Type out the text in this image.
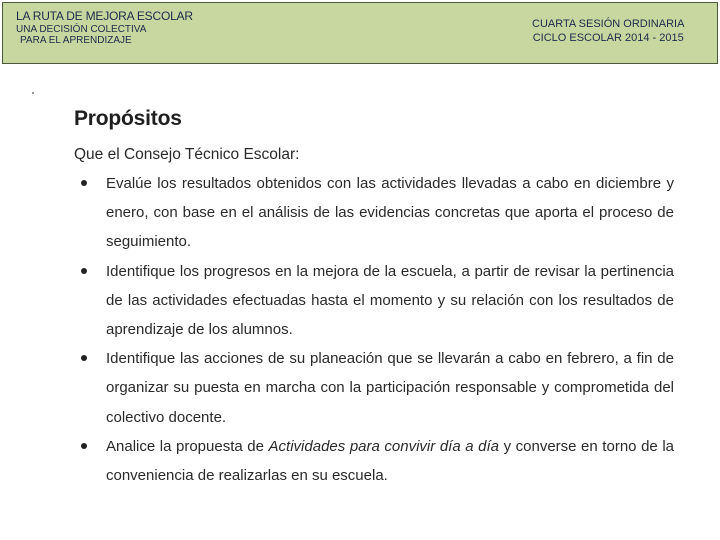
LA RUTA DE MEJORA ESCOLAR
UNA DECISIÓN COLECTIVA
PARA EL APRENDIZAJE
CUARTA SESIÓN ORDINARIA
CICLO ESCOLAR 2014 - 2015
Propósitos
Que el Consejo Técnico Escolar:
Evalúe los resultados obtenidos con las actividades llevadas a cabo en diciembre y enero, con base en el análisis de las evidencias concretas que aporta el proceso de seguimiento.
Identifique los progresos en la mejora de la escuela, a partir de revisar la pertinencia de las actividades efectuadas hasta el momento y su relación con los resultados de aprendizaje de los alumnos.
Identifique las acciones de su planeación que se llevarán a cabo en febrero, a fin de organizar su puesta en marcha con la participación responsable y comprometida del colectivo docente.
Analice la propuesta de Actividades para convivir día a día y converse en torno de la conveniencia de realizarlas en su escuela.
